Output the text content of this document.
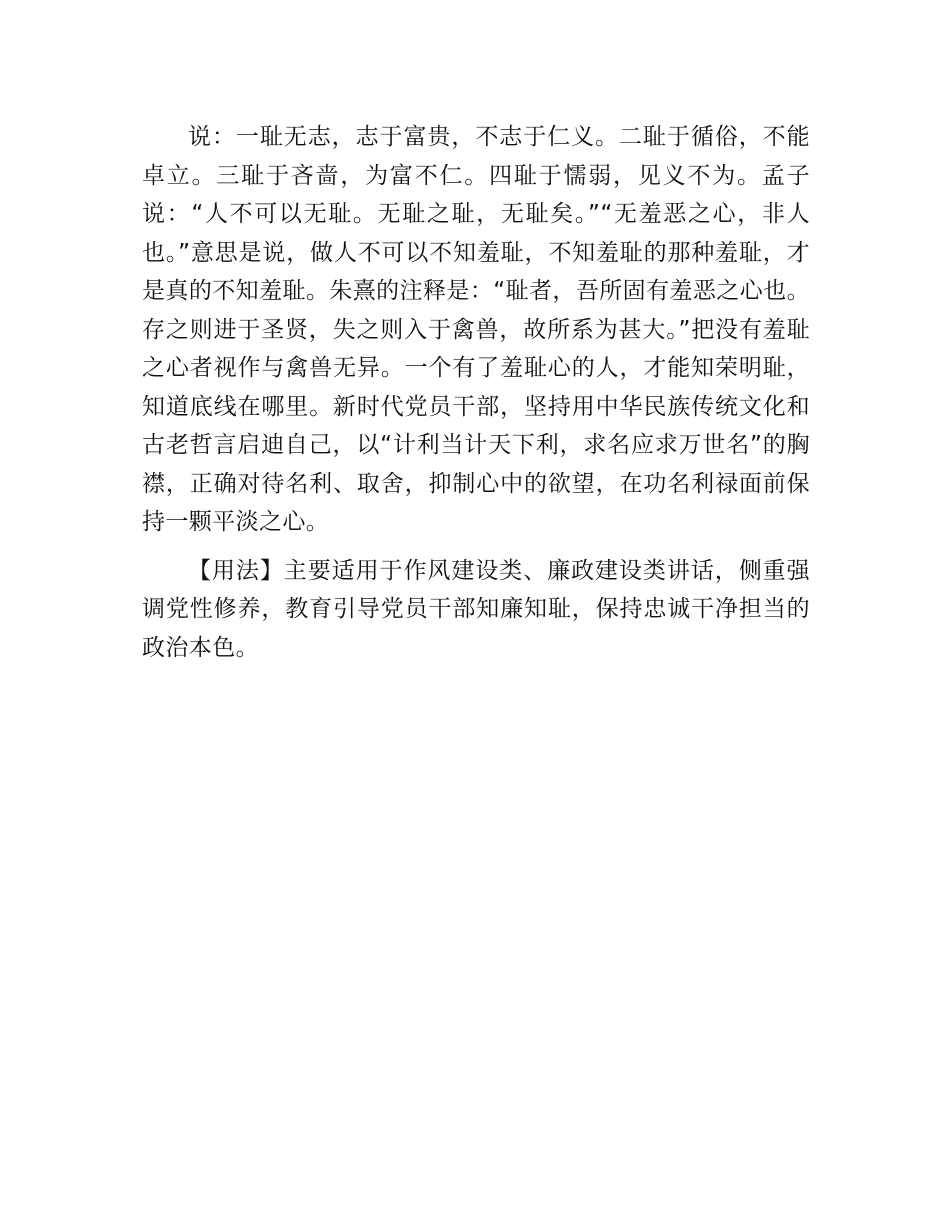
说：一耻无志，志于富贵，不志于仁义。二耻于循俗，不能卓立。三耻于吝啬，为富不仁。四耻于懦弱，见义不为。孟子说：“人不可以无耻。无耻之耻，无耻矣。”“无羞恶之心，非人也。”意思是说，做人不可以不知羞耻，不知羞耻的那种羞耻，才是真的不知羞耻。朱熹的注释是：“耻者，吾所固有羞恶之心也。存之则进于圣贤，失之则入于禽兽，故所系为甚大。”把没有羞耻之心者视作与禽兽无异。一个有了羞耻心的人，才能知荣明耻，知道底线在哪里。新时代党员干部，坚持用中华民族传统文化和古老哲言启迪自己，以“计利当计天下利，求名应求万世名”的胸襟，正确对待名利、取舍，抑制心中的欲望，在功名利禄面前保持一颗平淡之心。

【用法】主要适用于作风建设类、廉政建设类讲话，侧重强调党性修养，教育引导党员干部知廉知耻，保持忠诚干净担当的政治本色。
